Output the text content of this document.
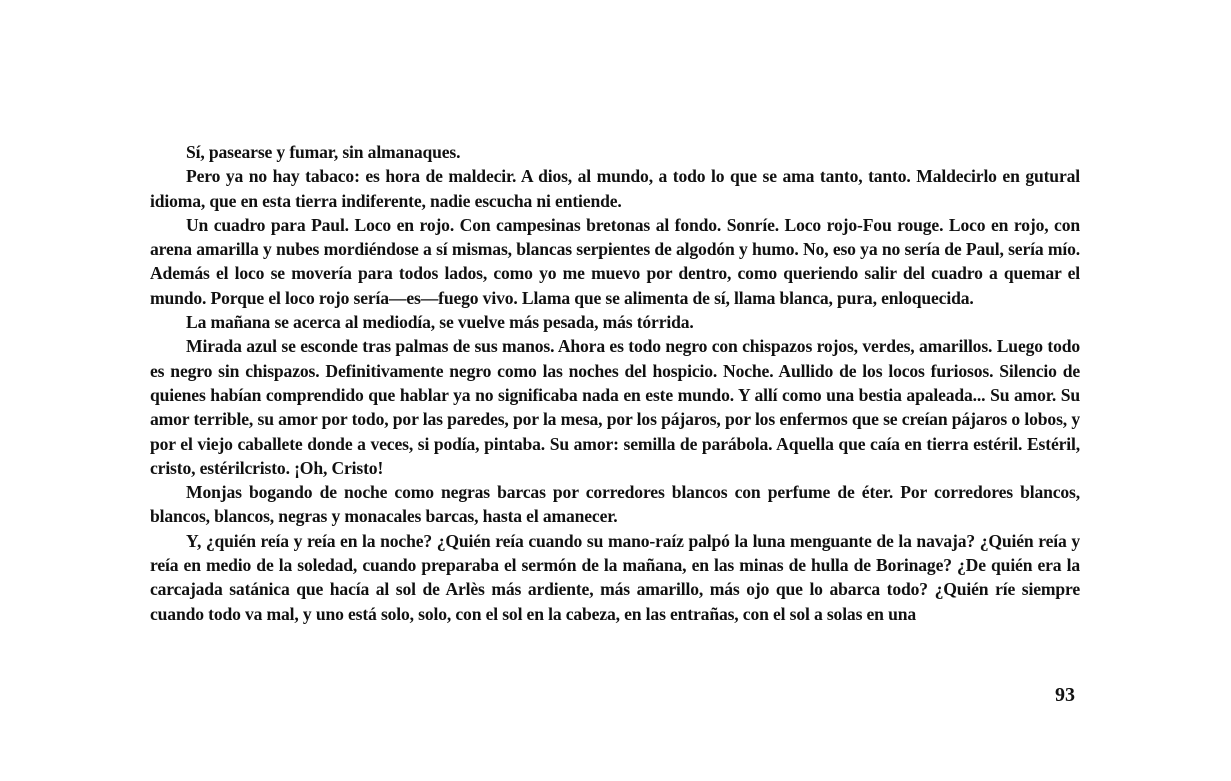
Sí, pasearse y fumar, sin almanaques.

Pero ya no hay tabaco: es hora de maldecir. A dios, al mundo, a todo lo que se ama tanto, tanto. Maldecirlo en gutural idioma, que en esta tierra indiferente, nadie escucha ni entiende.

Un cuadro para Paul. Loco en rojo. Con campesinas bretonas al fondo. Sonríe. Loco rojo-Fou rouge. Loco en rojo, con arena amarilla y nubes mordiéndose a sí mismas, blancas serpientes de algodón y humo. No, eso ya no sería de Paul, sería mío. Además el loco se movería para todos lados, como yo me muevo por dentro, como queriendo salir del cuadro a quemar el mundo. Porque el loco rojo sería—es—fuego vivo. Llama que se alimenta de sí, llama blanca, pura, enloquecida.

La mañana se acerca al mediodía, se vuelve más pesada, más tórrida.

Mirada azul se esconde tras palmas de sus manos. Ahora es todo negro con chispazos rojos, verdes, amarillos. Luego todo es negro sin chispazos. Definitivamente negro como las noches del hospicio. Noche. Aullido de los locos furiosos. Silencio de quienes habían comprendido que hablar ya no significaba nada en este mundo. Y allí como una bestia apaleada... Su amor. Su amor terrible, su amor por todo, por las paredes, por la mesa, por los pájaros, por los enfermos que se creían pájaros o lobos, y por el viejo caballete donde a veces, si podía, pintaba. Su amor: semilla de parábola. Aquella que caía en tierra estéril. Estéril, cristo, estérilcristo. ¡Oh, Cristo!

Monjas bogando de noche como negras barcas por corredores blancos con perfume de éter. Por corredores blancos, blancos, blancos, negras y monacales barcas, hasta el amanecer.

Y, ¿quién reía y reía en la noche? ¿Quién reía cuando su mano-raíz palpó la luna menguante de la navaja? ¿Quién reía y reía en medio de la soledad, cuando preparaba el sermón de la mañana, en las minas de hulla de Borinage? ¿De quién era la carcajada satánica que hacía al sol de Arlès más ardiente, más amarillo, más ojo que lo abarca todo? ¿Quién ríe siempre cuando todo va mal, y uno está solo, solo, con el sol en la cabeza, en las entrañas, con el sol a solas en una

93
